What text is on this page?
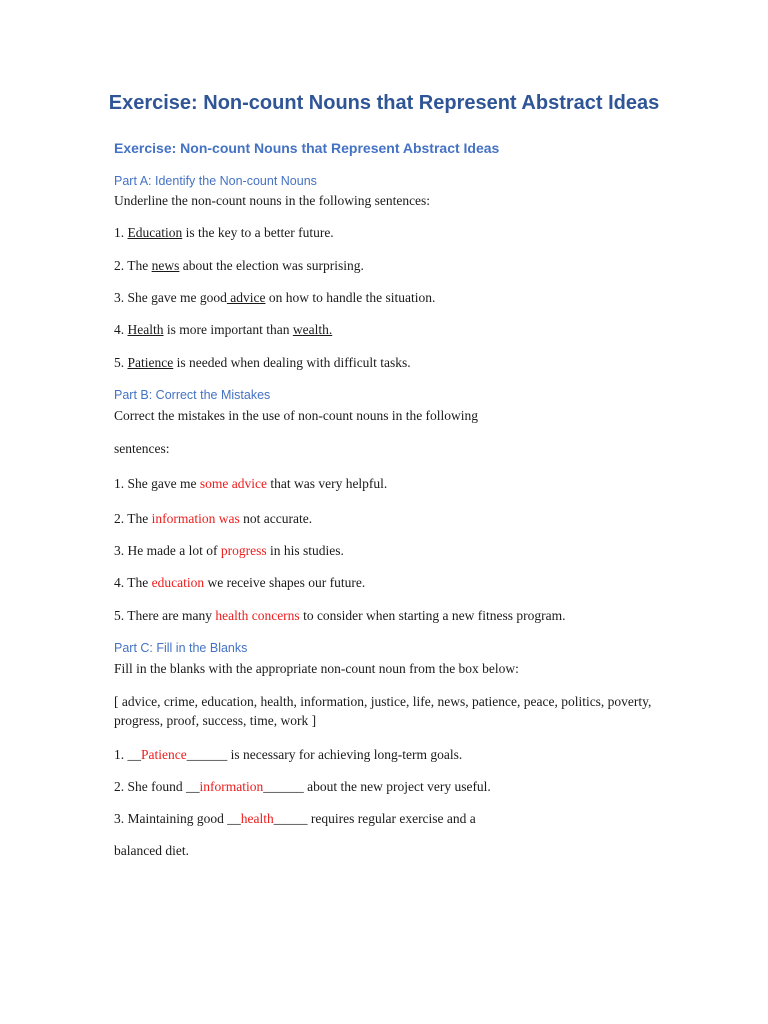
Exercise: Non-count Nouns that Represent Abstract Ideas
Exercise: Non-count Nouns that Represent Abstract Ideas
Part A: Identify the Non-count Nouns
Underline the non-count nouns in the following sentences:
1. Education is the key to a better future.
2. The news about the election was surprising.
3. She gave me good advice on how to handle the situation.
4. Health is more important than wealth.
5. Patience is needed when dealing with difficult tasks.
Part B: Correct the Mistakes
Correct the mistakes in the use of non-count nouns in the following
sentences:
1. She gave me some advice that was very helpful.
2. The information was not accurate.
3. He made a lot of progress in his studies.
4. The education we receive shapes our future.
5. There are many health concerns to consider when starting a new fitness program.
Part C: Fill in the Blanks
Fill in the blanks with the appropriate non-count noun from the box below:
[ advice, crime, education, health, information, justice, life, news, patience, peace, politics, poverty, progress, proof, success, time, work ]
1. __Patience______ is necessary for achieving long-term goals.
2. She found __information______ about the new project very useful.
3. Maintaining good __health_____ requires regular exercise and a
balanced diet.
